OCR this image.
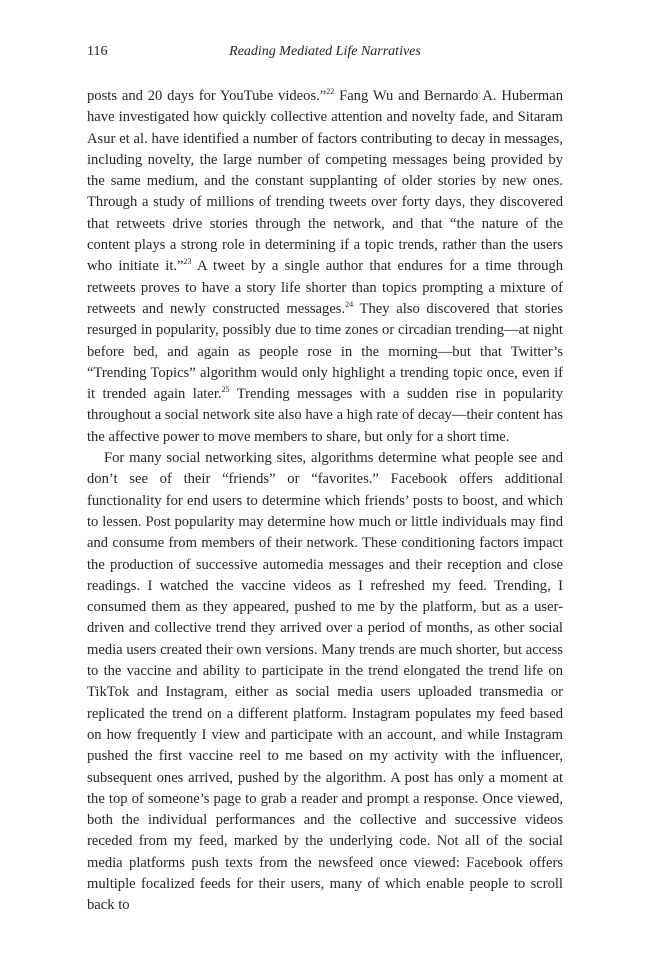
116	Reading Mediated Life Narratives

posts and 20 days for YouTube videos.”$^{22}$ Fang Wu and Bernardo A. Huberman have investigated how quickly collective attention and novelty fade, and Sitaram Asur et al. have identified a number of factors contributing to decay in messages, including novelty, the large number of competing messages being provided by the same medium, and the constant supplanting of older stories by new ones. Through a study of millions of trending tweets over forty days, they discovered that retweets drive stories through the network, and that “the nature of the content plays a strong role in determining if a topic trends, rather than the users who initiate it.”$^{23}$ A tweet by a single author that endures for a time through retweets proves to have a story life shorter than topics prompting a mixture of retweets and newly constructed messages.$^{24}$ They also discovered that stories resurged in popularity, possibly due to time zones or circadian trending—at night before bed, and again as people rose in the morning—but that Twitter’s “Trending Topics” algorithm would only highlight a trending topic once, even if it trended again later.$^{25}$ Trending messages with a sudden rise in popularity throughout a social network site also have a high rate of decay—their content has the affective power to move members to share, but only for a short time.

For many social networking sites, algorithms determine what people see and don’t see of their “friends” or “favorites.” Facebook offers additional functionality for end users to determine which friends’ posts to boost, and which to lessen. Post popularity may determine how much or little individuals may find and consume from members of their network. These conditioning factors impact the production of successive automedia messages and their reception and close readings. I watched the vaccine videos as I refreshed my feed. Trending, I consumed them as they appeared, pushed to me by the platform, but as a user-driven and collective trend they arrived over a period of months, as other social media users created their own versions. Many trends are much shorter, but access to the vaccine and ability to participate in the trend elongated the trend life on TikTok and Instagram, either as social media users uploaded transmedia or replicated the trend on a different platform. Instagram populates my feed based on how frequently I view and participate with an account, and while Instagram pushed the first vaccine reel to me based on my activity with the influencer, subsequent ones arrived, pushed by the algorithm. A post has only a moment at the top of someone’s page to grab a reader and prompt a response. Once viewed, both the individual performances and the collective and successive videos receded from my feed, marked by the underlying code. Not all of the social media platforms push texts from the newsfeed once viewed: Facebook offers multiple focalized feeds for their users, many of which enable people to scroll back to
